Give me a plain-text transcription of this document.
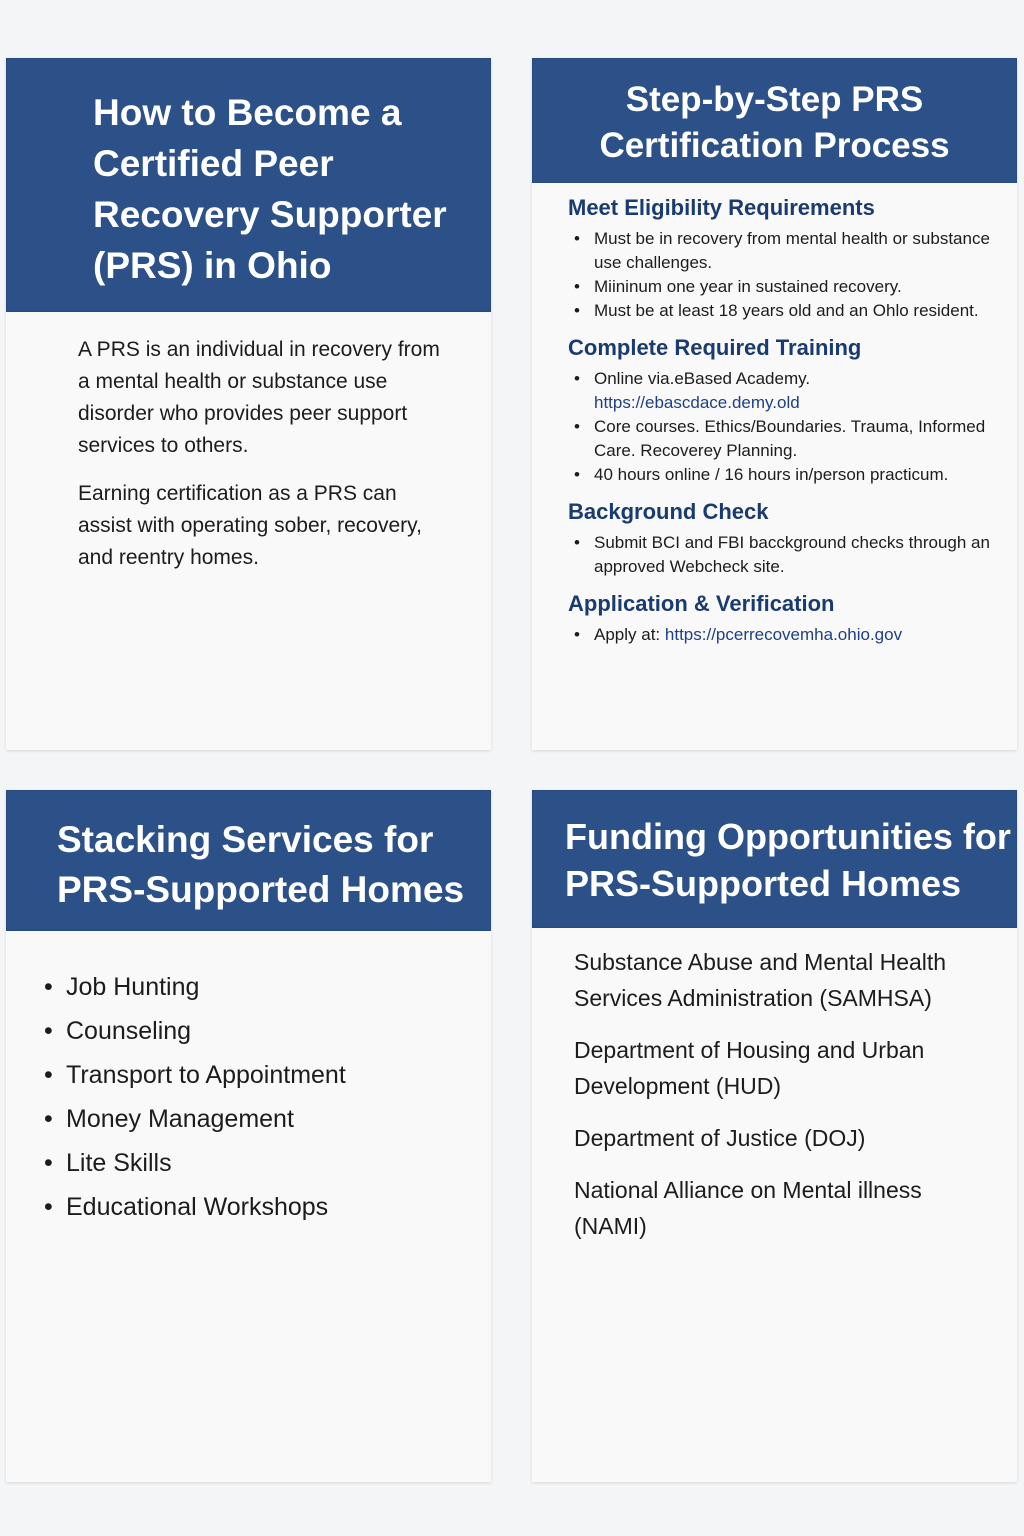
How to Become a Certified Peer Recovery Supporter (PRS) in Ohio

A PRS is an individual in recovery from a mental health or substance use disorder who provides peer support services to others.

Earning certification as a PRS can assist with operating sober, recovery, and reentry homes.

Step-by-Step PRS Certification Process
Meet Eligibility Requirements
• Must be in recovery from mental health or substance use challenges.
• Miininum one year in sustained recovery.
• Must be at least 18 years old and an Ohlo resident.
Complete Required Training
• Online via.eBased Academy.
https://ebascdace.demy.old
• Core courses. Ethics/Boundaries. Trauma, Informed Care. Recoverey Planning.
• 40 hours online / 16 hours in/person practicum.
Background Check
• Submit BCI and FBI bacckground checks through an approved Webcheck site.
Application & Verification
• Apply at: https://pcerrecovemha.ohio.gov
Stacking Services for PRS-Supported Homes
• Job Hunting
• Counseling
• Transport to Appointment
• Money Management
• Lite Skills
• Educational Workshops
Funding Opportunities for PRS-Supported Homes
Substance Abuse and Mental Health Services Administration (SAMHSA)
Department of Housing and Urban Development (HUD)
Department of Justice (DOJ)
National Alliance on Mental illness (NAMI)
